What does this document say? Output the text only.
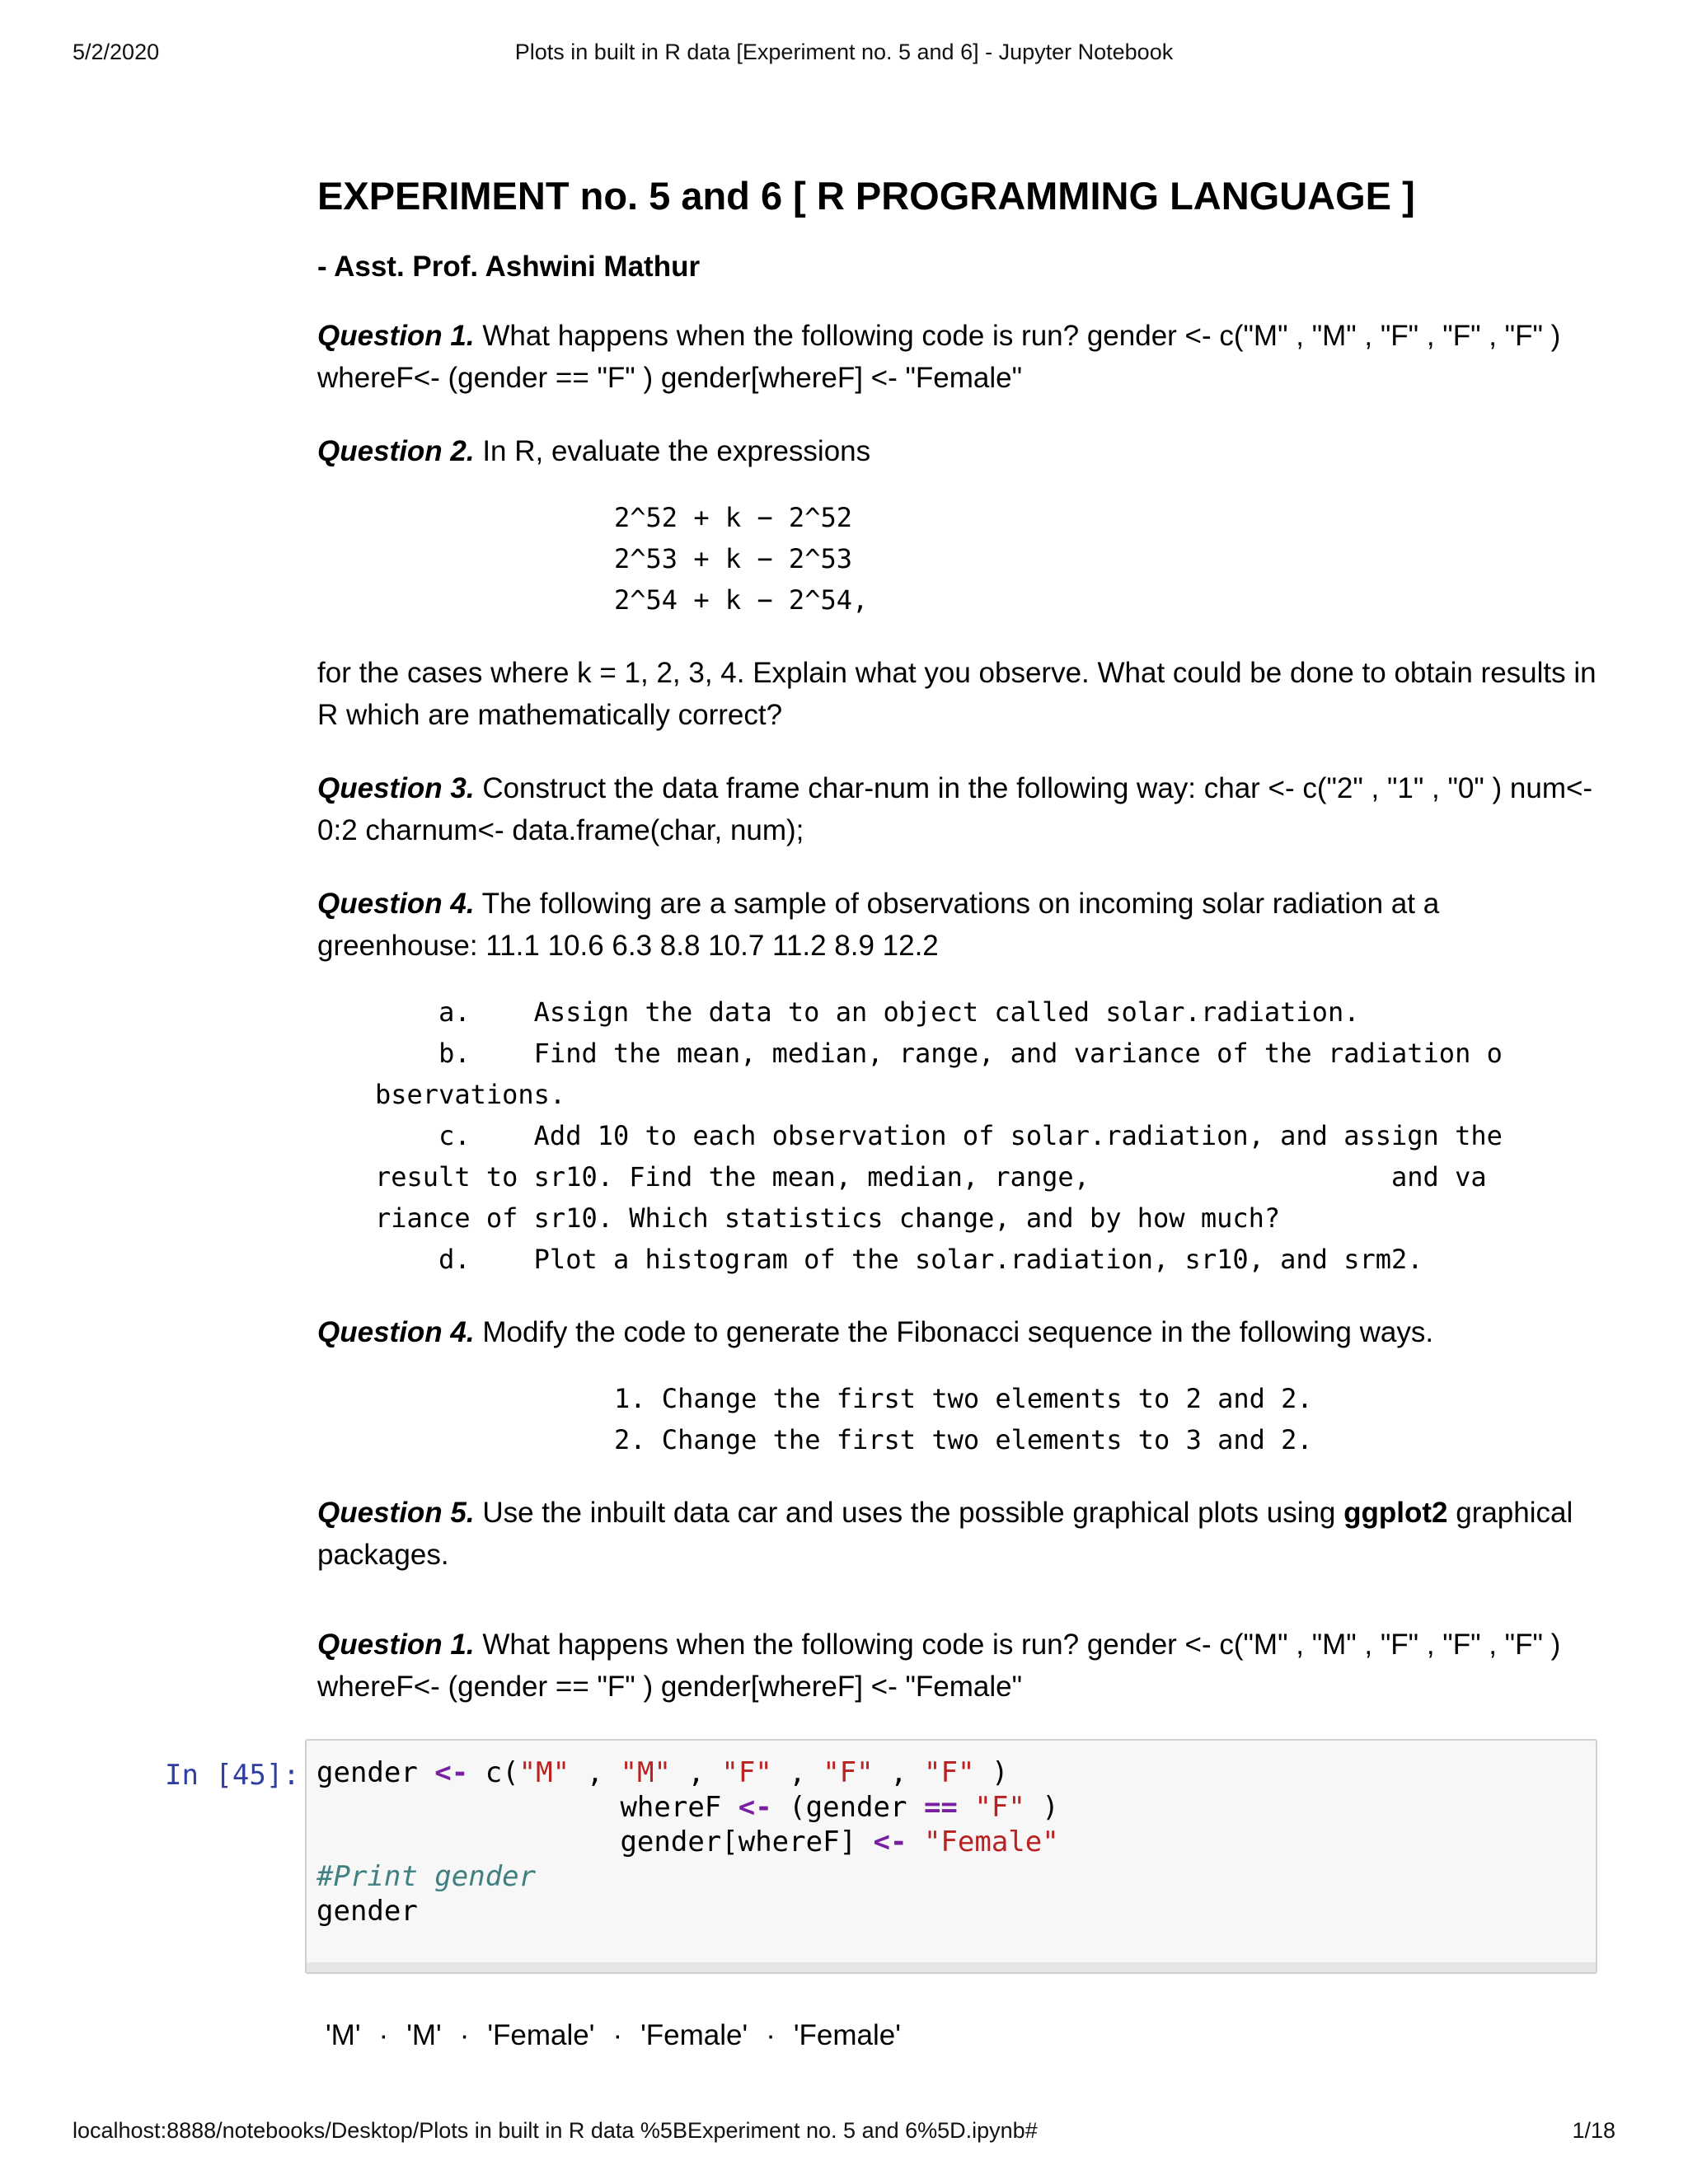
5/2/2020	Plots in built in R data [Experiment no. 5 and 6] - Jupyter Notebook
EXPERIMENT no. 5 and 6 [ R PROGRAMMING LANGUAGE ]
- Asst. Prof. Ashwini Mathur

Question 1. What happens when the following code is run? gender <- c("M" , "M" , "F" , "F" , "F" ) whereF<- (gender == "F" ) gender[whereF] <- "Female"

Question 2. In R, evaluate the expressions

2^52 + k − 2^52
2^53 + k − 2^53
2^54 + k − 2^54,

for the cases where k = 1, 2, 3, 4. Explain what you observe. What could be done to obtain results in R which are mathematically correct?

Question 3. Construct the data frame char-num in the following way: char <- c("2" , "1" , "0" ) num<- 0:2 charnum<- data.frame(char, num);

Question 4. The following are a sample of observations on incoming solar radiation at a greenhouse: 11.1 10.6 6.3 8.8 10.7 11.2 8.9 12.2

a.    Assign the data to an object called solar.radiation.
b.    Find the mean, median, range, and variance of the radiation o
bservations.
c.    Add 10 to each observation of solar.radiation, and assign the
result to sr10. Find the mean, median, range,                   and va
riance of sr10. Which statistics change, and by how much?
d.    Plot a histogram of the solar.radiation, sr10, and srm2.

Question 4. Modify the code to generate the Fibonacci sequence in the following ways.

1. Change the first two elements to 2 and 2.
2. Change the first two elements to 3 and 2.

Question 5. Use the inbuilt data car and uses the possible graphical plots using ggplot2 graphical packages.

Question 1. What happens when the following code is run? gender <- c("M" , "M" , "F" , "F" , "F" ) whereF<- (gender == "F" ) gender[whereF] <- "Female"

In [45]: gender <- c("M" , "M" , "F" , "F" , "F" )
whereF <- (gender == "F" )
gender[whereF] <- "Female"
#Print gender
gender
'M' · 'M' · 'Female' · 'Female' · 'Female'
localhost:8888/notebooks/Desktop/Plots in built in R data %5BExperiment no. 5 and 6%5D.ipynb#	1/18
